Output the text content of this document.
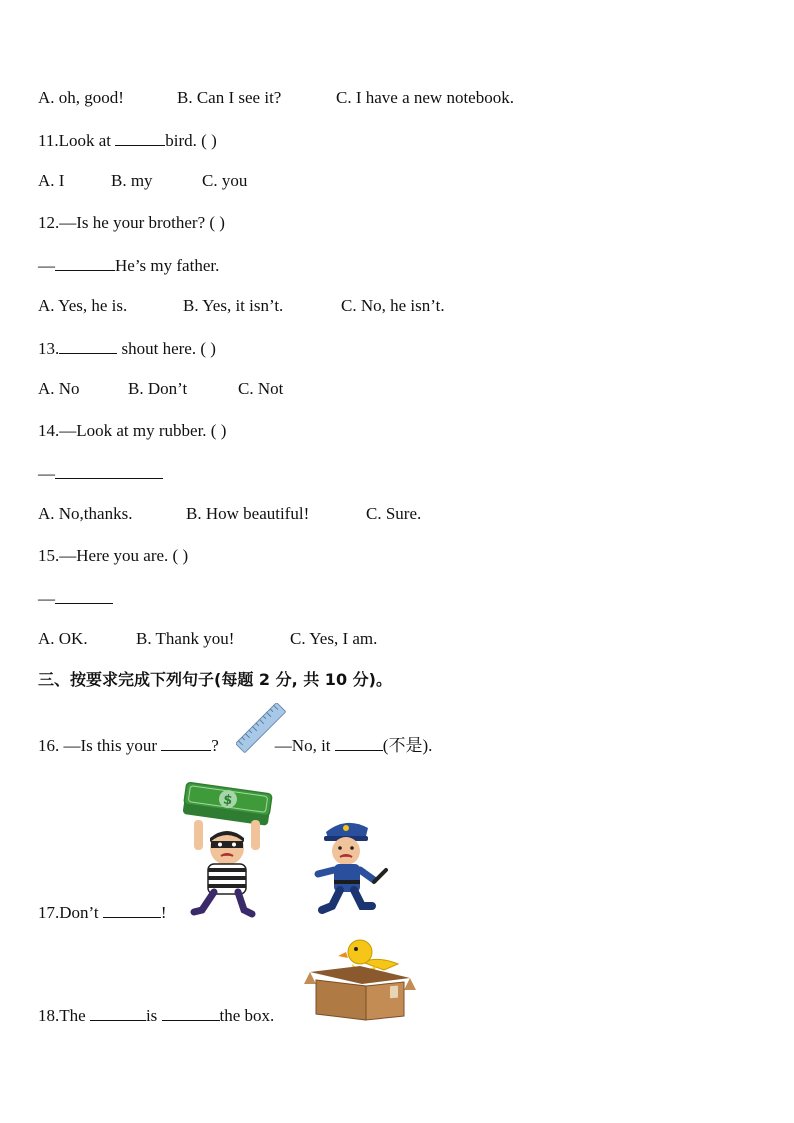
A. oh, good!	B. Can I see it?	C. I have a new notebook.
11.Look at	bird. ( )
A. I	B. my	C. you
12.—Is he your brother? ( )
—	He’s my father.
A. Yes, he is.	B. Yes, it isn’t.	C. No, he isn’t.
13.	shout here. ( )
A. No	B. Don’t	C. Not
14.—Look at my rubber. ( )
—
A. No,thanks.	B. How beautiful!	C. Sure.
15.—Here you are. ( )
—
A. OK.	B. Thank you!	C. Yes, I am.
三、按要求完成下列句子(每题 2 分, 共 10 分)。
16. —Is this your	?	—No, it	(不是).
$
17.Don’t	!
18.The	is	the box.
